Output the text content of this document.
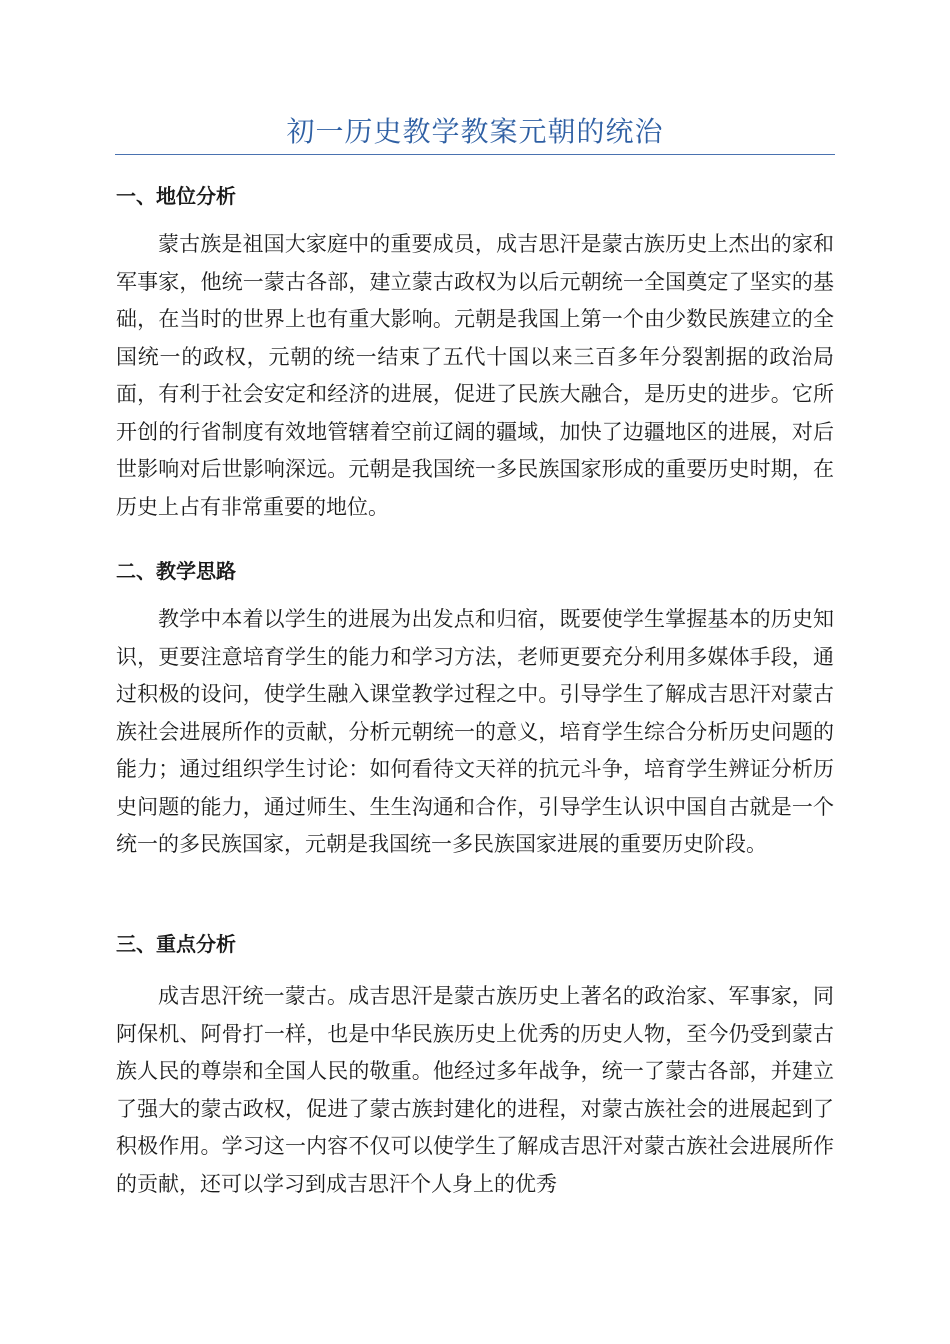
初一历史教学教案元朝的统治
一、地位分析

蒙古族是祖国大家庭中的重要成员，成吉思汗是蒙古族历史上杰出的家和军事家，他统一蒙古各部，建立蒙古政权为以后元朝统一全国奠定了坚实的基础，在当时的世界上也有重大影响。元朝是我国上第一个由少数民族建立的全国统一的政权，元朝的统一结束了五代十国以来三百多年分裂割据的政治局面，有利于社会安定和经济的进展，促进了民族大融合，是历史的进步。它所开创的行省制度有效地管辖着空前辽阔的疆域，加快了边疆地区的进展，对后世影响对后世影响深远。元朝是我国统一多民族国家形成的重要历史时期，在历史上占有非常重要的地位。

二、教学思路

教学中本着以学生的进展为出发点和归宿，既要使学生掌握基本的历史知识，更要注意培育学生的能力和学习方法，老师更要充分利用多媒体手段，通过积极的设问，使学生融入课堂教学过程之中。引导学生了解成吉思汗对蒙古族社会进展所作的贡献，分析元朝统一的意义，培育学生综合分析历史问题的能力；通过组织学生讨论：如何看待文天祥的抗元斗争，培育学生辨证分析历史问题的能力，通过师生、生生沟通和合作，引导学生认识中国自古就是一个统一的多民族国家，元朝是我国统一多民族国家进展的重要历史阶段。

三、重点分析

成吉思汗统一蒙古。成吉思汗是蒙古族历史上著名的政治家、军事家，同阿保机、阿骨打一样，也是中华民族历史上优秀的历史人物，至今仍受到蒙古族人民的尊崇和全国人民的敬重。他经过多年战争，统一了蒙古各部，并建立了强大的蒙古政权，促进了蒙古族封建化的进程，对蒙古族社会的进展起到了积极作用。学习这一内容不仅可以使学生了解成吉思汗对蒙古族社会进展所作的贡献，还可以学习到成吉思汗个人身上的优秀
